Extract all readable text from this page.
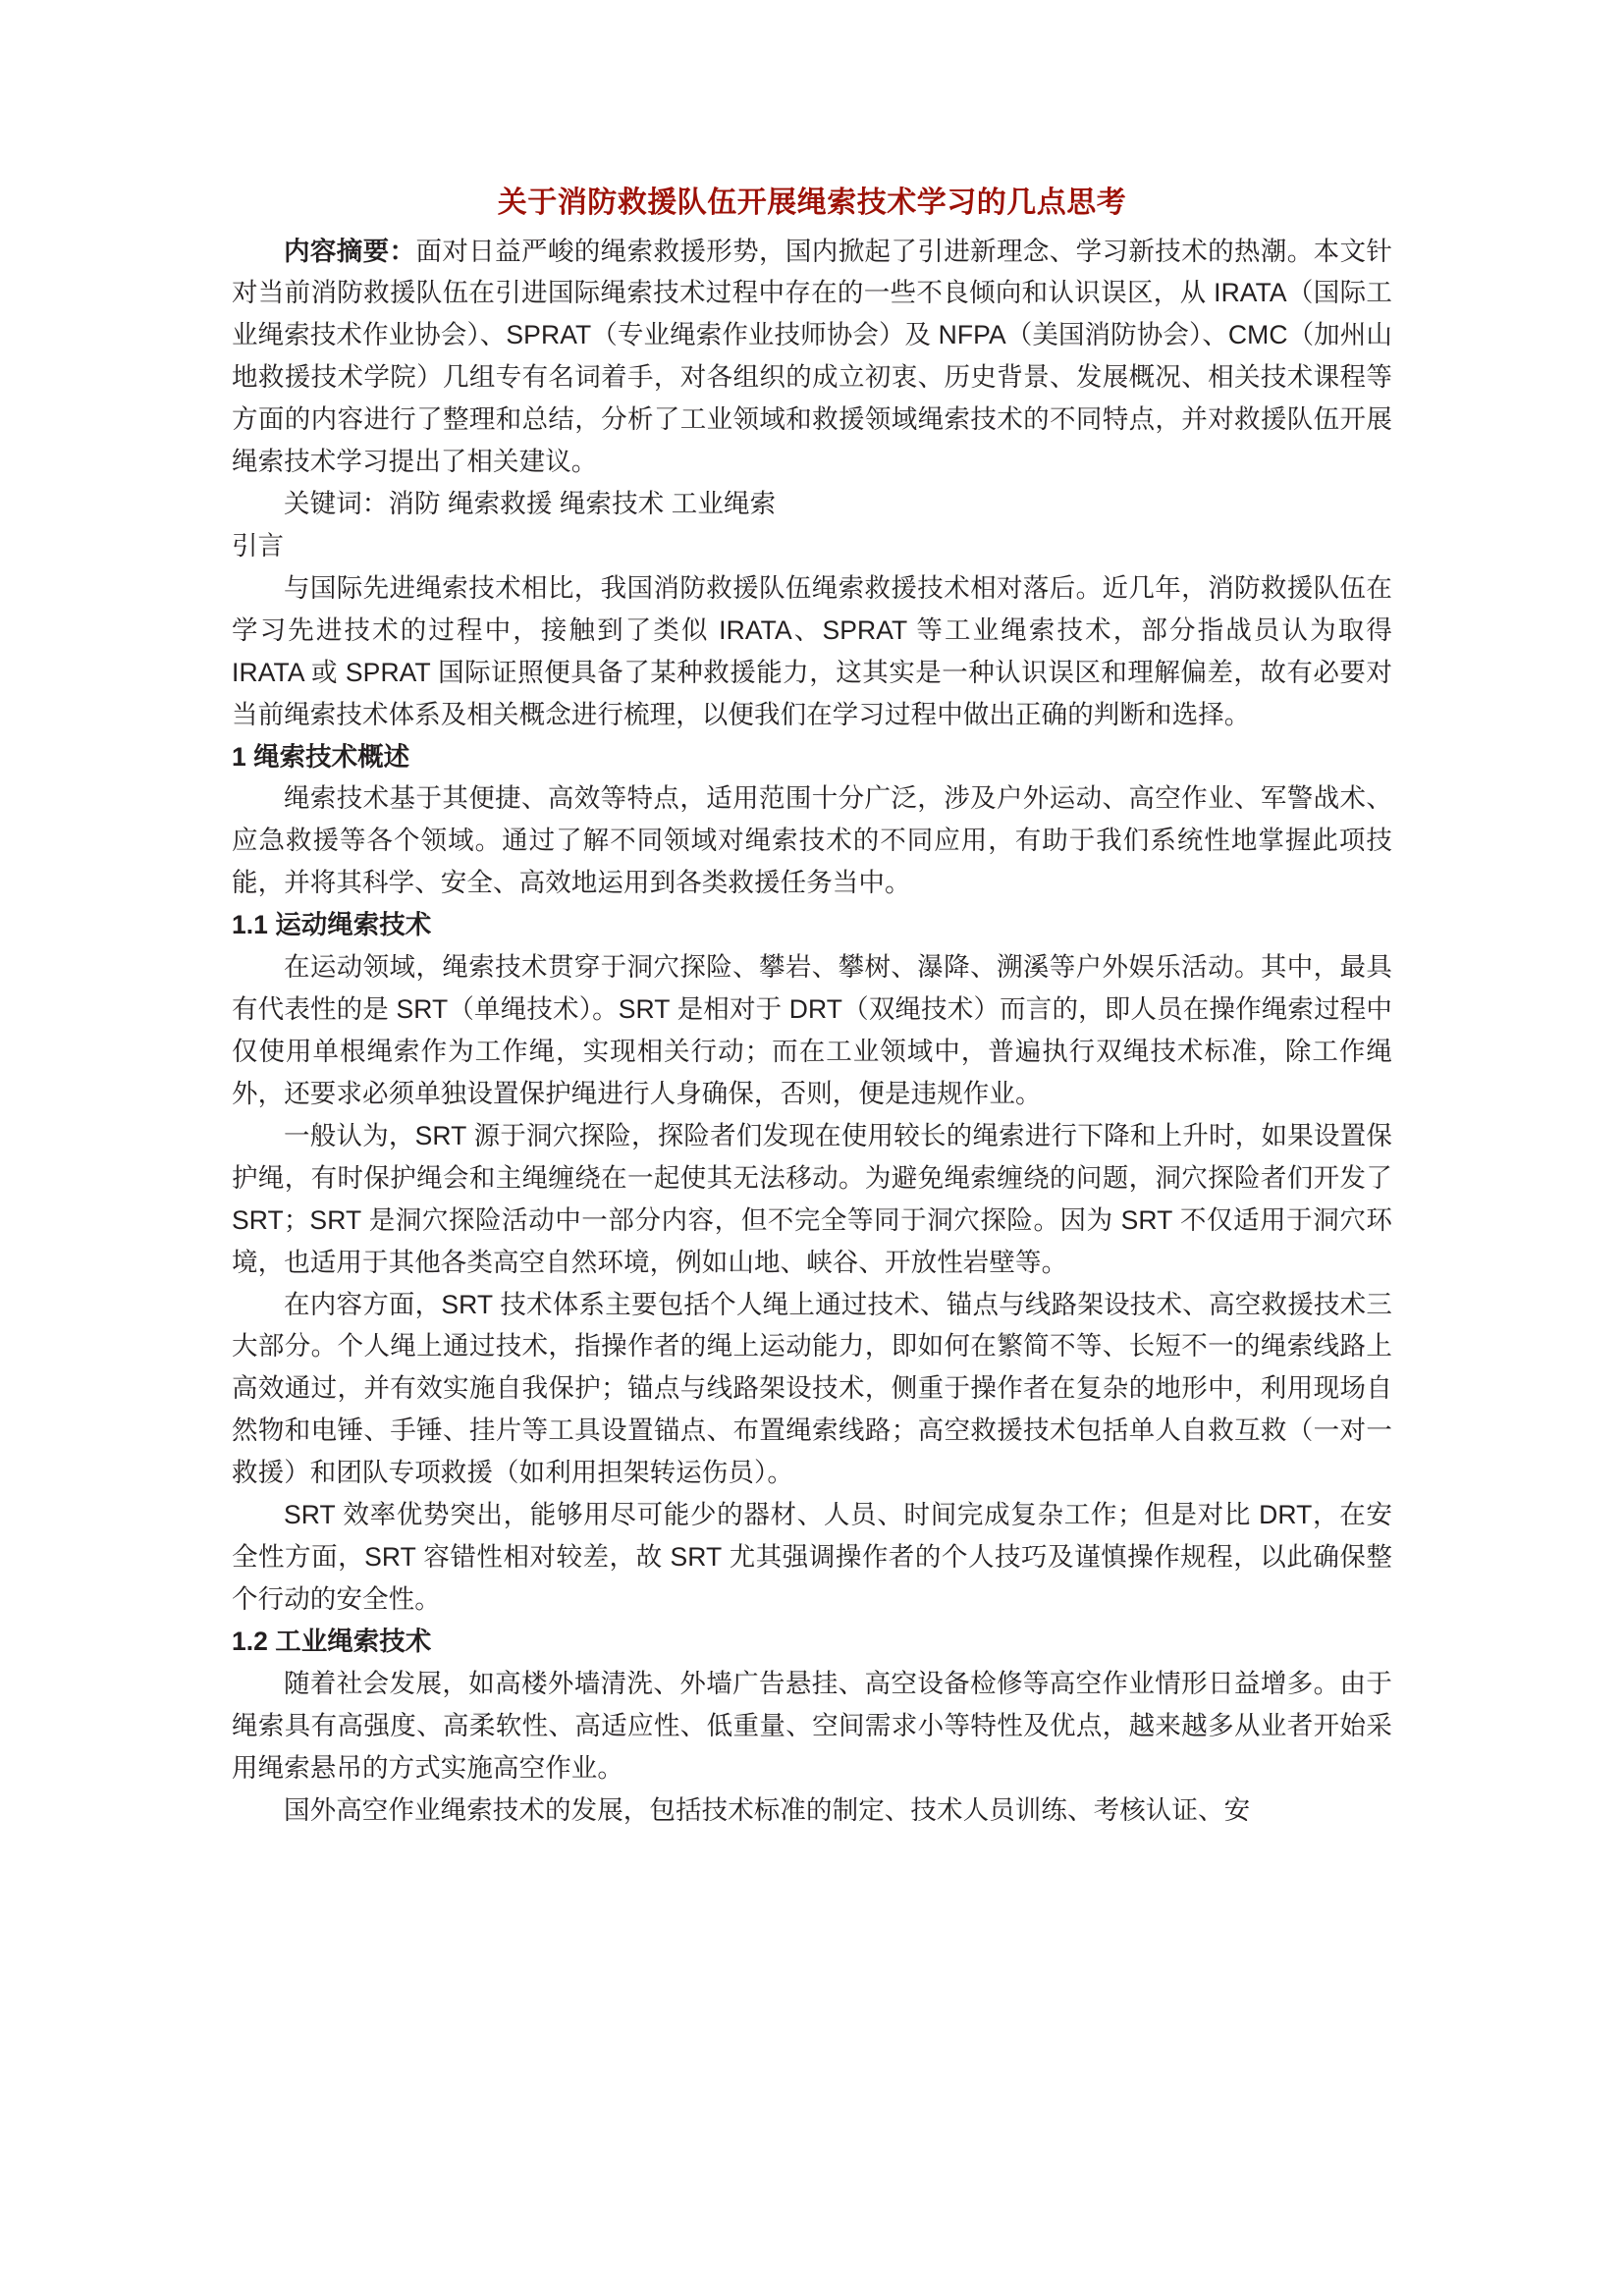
关于消防救援队伍开展绳索技术学习的几点思考

内容摘要：面对日益严峻的绳索救援形势，国内掀起了引进新理念、学习新技术的热潮。本文针对当前消防救援队伍在引进国际绳索技术过程中存在的一些不良倾向和认识误区，从 IRATA（国际工业绳索技术作业协会）、SPRAT（专业绳索作业技师协会）及 NFPA（美国消防协会）、CMC（加州山地救援技术学院）几组专有名词着手，对各组织的成立初衷、历史背景、发展概况、相关技术课程等方面的内容进行了整理和总结，分析了工业领域和救援领域绳索技术的不同特点，并对救援队伍开展绳索技术学习提出了相关建议。

关键词：消防 绳索救援 绳索技术 工业绳索

引言

与国际先进绳索技术相比，我国消防救援队伍绳索救援技术相对落后。近几年，消防救援队伍在学习先进技术的过程中，接触到了类似 IRATA、SPRAT 等工业绳索技术，部分指战员认为取得 IRATA 或 SPRAT 国际证照便具备了某种救援能力，这其实是一种认识误区和理解偏差，故有必要对当前绳索技术体系及相关概念进行梳理，以便我们在学习过程中做出正确的判断和选择。

1 绳索技术概述

绳索技术基于其便捷、高效等特点，适用范围十分广泛，涉及户外运动、高空作业、军警战术、应急救援等各个领域。通过了解不同领域对绳索技术的不同应用，有助于我们系统性地掌握此项技能，并将其科学、安全、高效地运用到各类救援任务当中。

1.1 运动绳索技术

在运动领域，绳索技术贯穿于洞穴探险、攀岩、攀树、瀑降、溯溪等户外娱乐活动。其中，最具有代表性的是 SRT（单绳技术）。SRT 是相对于 DRT（双绳技术）而言的，即人员在操作绳索过程中仅使用单根绳索作为工作绳，实现相关行动；而在工业领域中，普遍执行双绳技术标准，除工作绳外，还要求必须单独设置保护绳进行人身确保，否则，便是违规作业。

一般认为，SRT 源于洞穴探险，探险者们发现在使用较长的绳索进行下降和上升时，如果设置保护绳，有时保护绳会和主绳缠绕在一起使其无法移动。为避免绳索缠绕的问题，洞穴探险者们开发了 SRT；SRT 是洞穴探险活动中一部分内容，但不完全等同于洞穴探险。因为 SRT 不仅适用于洞穴环境，也适用于其他各类高空自然环境，例如山地、峡谷、开放性岩壁等。

在内容方面，SRT 技术体系主要包括个人绳上通过技术、锚点与线路架设技术、高空救援技术三大部分。个人绳上通过技术，指操作者的绳上运动能力，即如何在繁简不等、长短不一的绳索线路上高效通过，并有效实施自我保护；锚点与线路架设技术，侧重于操作者在复杂的地形中，利用现场自然物和电锤、手锤、挂片等工具设置锚点、布置绳索线路；高空救援技术包括单人自救互救（一对一救援）和团队专项救援（如利用担架转运伤员）。

SRT 效率优势突出，能够用尽可能少的器材、人员、时间完成复杂工作；但是对比 DRT，在安全性方面，SRT 容错性相对较差，故 SRT 尤其强调操作者的个人技巧及谨慎操作规程，以此确保整个行动的安全性。

1.2 工业绳索技术

随着社会发展，如高楼外墙清洗、外墙广告悬挂、高空设备检修等高空作业情形日益增多。由于绳索具有高强度、高柔软性、高适应性、低重量、空间需求小等特性及优点，越来越多从业者开始采用绳索悬吊的方式实施高空作业。

国外高空作业绳索技术的发展，包括技术标准的制定、技术人员训练、考核认证、安
